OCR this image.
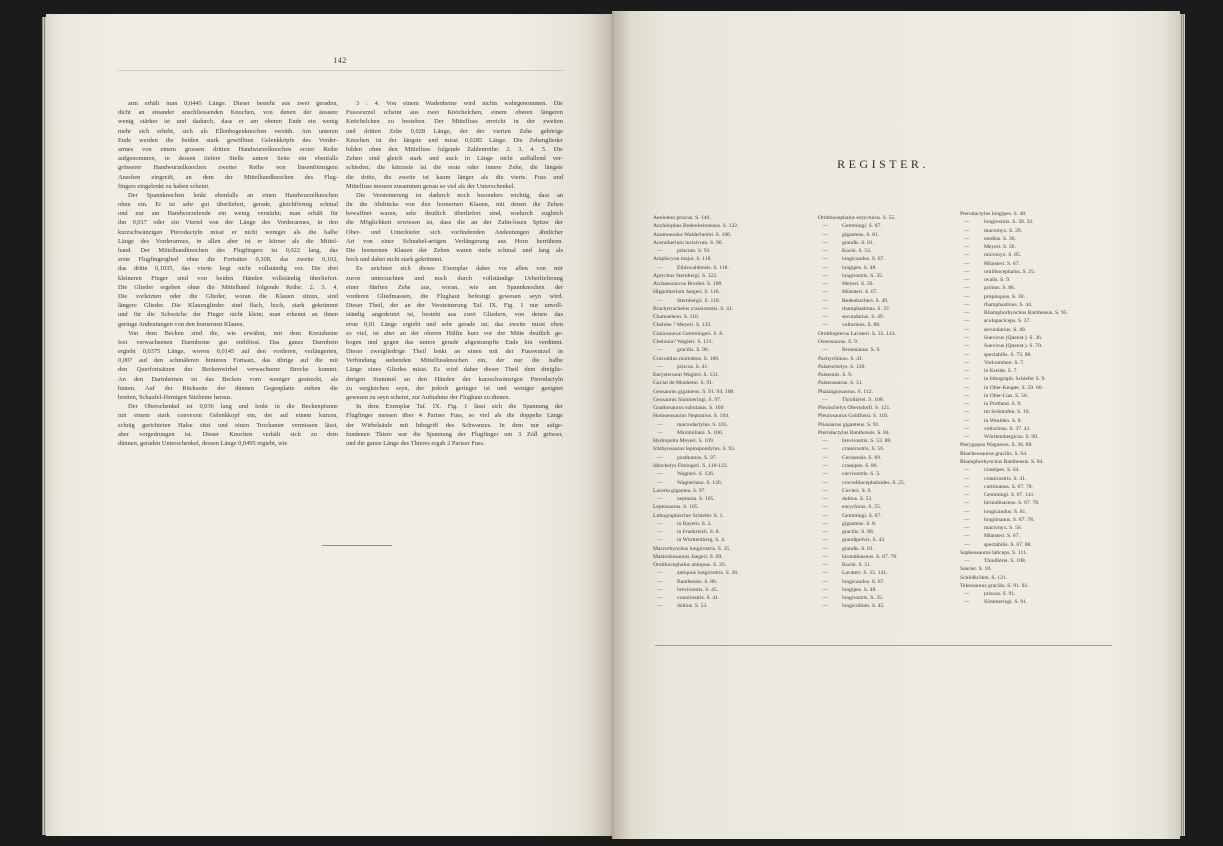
142
arm erhält man 0,0445 Länge. Dieser besteht aus zwei geraden,
dicht an einander anschliessenden Knochen, von denen der äussere
wenig stärker ist und dadurch, dass er am oberen Ende ein wenig
mehr sich erhebt, sich als Ellenbogenknochen verräth. Am unteren
Ende werden die beiden stark gewölbten Gelenkköpfe des Vorder-
armes von einem grossen dritten Handwurzelknochen erster Reihe
aufgenommen, in dessen tiefere Stelle untere Seite ein ebenfalls
grösserer Handwurzelknochen zweiter Reihe von linsenförmigem
Ansehen eingreift, an dem der Mittelhandknochen des Flug-
fingers eingelenkt zu haben scheint.
Der Spannknochen lenkt ebenfalls an einen Handwurzelknochen
ohne ein. Er ist sehr gut überliefert, gerade, gleichförmig schmal
und nur am Handwurzelende ein wenig verstärkt; man erhält für
ihn 0,017 oder ein Viertel von der Länge des Vorderarmes, in den
kurzschwänzigen Pterodactyln misst er nicht weniger als die halbe
Länge des Vorderarmes, in allen aber ist er kürzer als die Mittel-
hand. Der Mittelhandknochen des Flugfingers ist 0,022 lang, das
erste Flugfingerglied ohne die Fortsätze 0,108, das zweite 0,102,
das dritte 0,1035, das vierte liegt nicht vollständig vor. Die drei
kleineren Finger sind von beiden Händen vollständig überliefert.
Die Glieder ergeben ohne die Mittelhand folgende Reihe: 2. 3. 4.
Die vorletzten oder die Glieder, woran die Klauen sitzen, sind
längere Glieder. Die Klauenglieder sind flach, hoch, stark gekrümmt
und für die Schwäche der Finger nicht klein; man erkennt an ihnen
geringe Andeutungen von den hornernen Klauen.
Von dem Becken sind die, wie erwähnt, mit dem Kreuzbeine
fest verwachsenen Darmbeine gut entblösst. Das ganze Darmbein
ergiebt 0,0375 Länge, wovon 0,0145 auf den vorderen, verlängerten,
0,007 auf den schmäleren hinteren Fortsatz, das übrige auf die mit
den Querfortsätzen der Beckenwirbel verwachsene Strecke kommt.
An den Darmbeinen ist das Becken vorn weniger gestreckt, als
hinten. Auf der Rückseite der dünnen Gegenplatte stehen die
breiten, Schaufel-förmigen Sitzbeine heraus.
Der Oberschenkel ist 0,036 lang und lenkt in die Beckenpfanne
mit einem stark convexen Gelenkkopf ein, der auf einem kurzen,
schräg gerichteten Halse sitzt und einen Trochanter vermissen lässt,
aber vorgedrungen ist. Dieser Knochen verhält sich zu dem
dünnen, geraden Unterschenkel, dessen Länge 0,0495 ergiebt, wie
3 : 4. Von einem Wadenbeine wird nichts wahrgenommen. Die
Fusswurzel scheint aus zwei Knöchelchen, einem oberen längeren
Knöchelchen zu bestehen. Der Mittelfuss erreicht in der zweiten
und dritten Zehe 0,028 Länge, der der vierten Zehe gehörige
Knochen ist der längste und misst 0,0285 Länge. Die Zehenglieder
bilden ohne den Mittelfuss folgende Zahlenreihe: 2. 3. 4. 5. Die
Zehen sind gleich stark und auch in Länge nicht auffallend ver-
schieden; die kürzeste ist die erste oder innere Zehe, die längste
die dritte, die zweite ist kaum länger als die vierte. Fuss und
Mittelfuss messen zusammen genau so viel als der Unterschenkel.
Die Versteinerung ist dadurch noch besonders wichtig, dass an
ihr die Abdrücke von den hornernen Klauen, mit denen die Zehen
bewaffnet waren, sehr deutlich überliefert sind, wodurch zugleich
die Möglichkeit erwiesen ist, dass die an der Zahn-losen Spitze der
Ober- und Unterkiefer sich vorfindenden Andeutungen ähnlicher
Art von einer Schnabel-artigen Verlängerung aus Horn herrühren.
Die hornernen Klauen der Zehen waren mehr schmal und lang als
hoch und dabei nicht stark gekrümmt.
Es zeichnet sich dieses Exemplar daher vor allen von mir
zuvor untersuchten und noch durch vollständige Ueberlieferung
einer fünften Zehe aus, woran, wie am Spannknochen der
vorderen Gliedmassen, die Flughaut befestigt gewesen seyn wird.
Dieser Theil, der an der Versteinerung Taf. IX. Fig. 1 nur unvoll-
ständig angedeutet ist, besteht aus zwei Gliedern, von denen das
erste 0,01 Länge ergiebt und sehr gerade ist; das zweite misst eben
so viel, ist aber an der oberen Hälfte kurz vor der Mitte deutlich ge-
bogen und gegen das untere gerade abgestumpfte Ende hin verdünnt.
Dieser zweigliedrige Theil lenkt an einen mit der Fusswurzel in
Verbindung stehenden Mittelfussknochen ein, der nur die halbe
Länge eines Gliedes misst. Es wird daher dieser Theil dem dreiglie-
derigen Stummel an den Händen der kurzschwänzigen Pterodactyln
zu vergleichen seyn, der jedoch geringer ist und weniger geeignet
gewesen zu seyn scheint, zur Aufnahme der Flughaut zu dienen.
In dem Exemplar Taf. IX. Fig. 1 lässt sich die Spannung der
Flugfinger messen über 4 Pariser Fuss, so viel als die doppelte Länge
der Wirbelsäule mit Inbegriff des Schwanzes. In dem nur aufge-
fundenen Thiere war die Spannung der Flugfinger um 3 Zoll grösser,
und die ganze Länge des Thieres ergab 2 Pariser Fuss.
REGISTER.
Aeolodon priscus. S. 140.
Anchilophus Bodenheimensis. S. 122.
Anomoeodus Walderheimi. S. 106.
Aceratherium incisivum. S. 96.
—	priscum. S. 93.
Amphicyon major. S. 118.
—	Eibiswaldensis. S. 118.
Aptychus Sternbergi. S. 122.
Archaeoniscus Brodiei. S. 108.
Hippotherium Jaegeri. S. 118.
—	Sternbergii. S. 118.
Brachytrachelus crassirostris. S. 41.
Chamaeleon. S. 110.
Chelone ? Meyeri. S. 133.
Coniosaurus Gemmingeri. S. 8.
Chelonia? Wagleri. S. 121.
—	gracilis. S. 96.
Crocodilus multidens. S. 100.
—	priscus. S. 41.
Eurysternum Wagleri. S. 131.
Gavial de Monheim. S. 91.
Geosaurus giganteus. S. 91. 94. 100.
Geosaurus Sömmeringi. S. 97.
Gnathosaurus subulatus. S. 109.
Homoeosaurus Neptunius. S. 104.
—	macrodactylus. S. 105.
—	Maximiliani. S. 106.
Hydropelta Meyeri. S. 109.
Ichthyosaurus leptospondylus. S. 93.
—	posthumus. S. 97.
Idiochelys Fitzingeri. S. 118-123.
—	Wagneri. S. 126.
—	Wagneriana. S. 126.
Lacerta gigantea. S. 97.
—	neptunia. S. 105.
Leptosaurus. S. 105.
Lithographischer Schiefer. S. 1.
—	in Bayern. S. 2.
—	in Frankreich. S. 8.
—	in Württemberg. S. 4.
Macrorhynchus longirostris. S. 35.
Mastodonsaurus Jaegeri. S. 69.
Ornithocephalus antiquus. S. 26.
—	antiquus longirostris. S. 36.
—	Banthensis. S. 86.
—	brevirostris. S. 45.
—	crassirostris. S. 41.
—	dubius. S. 53.
Ornithocephalus eurychirus. S. 55.
—	Gemmingi. S. 67.
—	giganteus. S. 81.
—	grandis. S. 81.
—	Kochi. S. 53.
—	longicaudus. S. 67.
—	longipes. S. 48.
—	longirostris. S. 35.
—	Meyeri. S. 56.
—	Münsteri. S. 67.
—	Redenbacheri. S. 49.
—	rhamphastinus. S. 37.
—	secundarius. S. 49.
—	vulturinus. S. 88.
Ornithopterus Lavateri. S. 35. 141.
Osteosaurus. S. 9.
—	Bronnianus. S. 9.
Pachyrrhinus. S. 41.
Palaeochelys. S. 120.
Palaeonis. S. 9.
Palaeosaurus. S. 31.
Phalangiosaurus. S. 112.
—	Thiolliérei. S. 108.
Plesiochelys Oberndorfi. S. 121.
Pleurosaurus Goldfussi. S. 118.
Pliosaurus giganteus. S. 91.
Pterodactylus Banthensis. S. 84.
—	brevirostris. S. 53. 88.
—	crassirostris. S. 56.
—	Cerinensis. S. 69.
—	crassipes. S. 86.
—	curvirostris. S. 3.
—	crocodilocephaloides. S. 25.
—	Cuvieri. S. 9.
—	dubius. S. 53.
—	eurychirus. S. 55.
—	Gemmingi. S. 67.
—	giganteus. S. 8.
—	gracilis. S. 88.
—	grandipelvis. S. 43.
—	grandis. S. 81.
—	hirundinaceus. S. 67. 78.
—	Kochi. S. 51.
—	Lavateri. S. 35. 141.
—	longicaudus. S. 67.
—	longipes. S. 48.
—	longirostris. S. 35.
—	longicollum. S. 45.
Pterodactylus longipes. S. 48.
—	longirostris. S. 30. 32.
—	macronyx. S. 29.
—	medius. S. 36.
—	Meyeri. S. 56.
—	micronyx. S. 85.
—	Münsteri. S. 67.
—	ornithocephalus. S. 25.
—	ovalis. S. 9.
—	primus. S. 86.
—	propinquus. S. 30.
—	rhamphastinus. S. 44.
—	Rhamphorhynchus Banthensis. S. 95.
—	scolopaciceps. S. 37.
—	secundarius. S. 40.
—	Suevicus (Quenst.). S. 36.
—	Suevicus (Quenst.). S. 70.
—	spectabilis. S. 73. 88.
—	Vorkommen. S. 7.
—	in Kreide. S. 7.
—	in lithograph. Schiefer S. 9.
—	in Ober-Keuper. S. 59. 60.
—	in Ober-Lias. S. 56.
—	in Portland. S. 9.
—	im Solnhofen. S. 10.
—	in Wealden. S. 8.
—	vulturinus. S. 37. 43.
—	Württembergicus. S. 90.
Pterygopus Wagnerus. S. 36. 80.
Rhacheosaurus gracilis. S. 94.
Rhamphorhynchus Banthensis. S. 84.
—	crassipes. S. 64.
—	crassirostris. S. 41.
—	curtimanus. S. 67. 78.
—	Gemmingi. S. 67. 141.
—	hirundinaceus. S. 67. 78.
—	longicaudus. S. 81.
—	longimanus. S. 67. 78.
—	macronyx. S. 56.
—	Münsteri. S. 67.
—	spectabilis. S. 67. 88.
Sapheosaurus laticeps. S. 111.
—	Thiolliérei. S. 108.
Saurier. S. 10.
Schildkröten. S. 121.
Teleosaurus gracilis. S. 91. 92.
—	priscus. S. 91.
—	Sömmeringi. S. 91.
